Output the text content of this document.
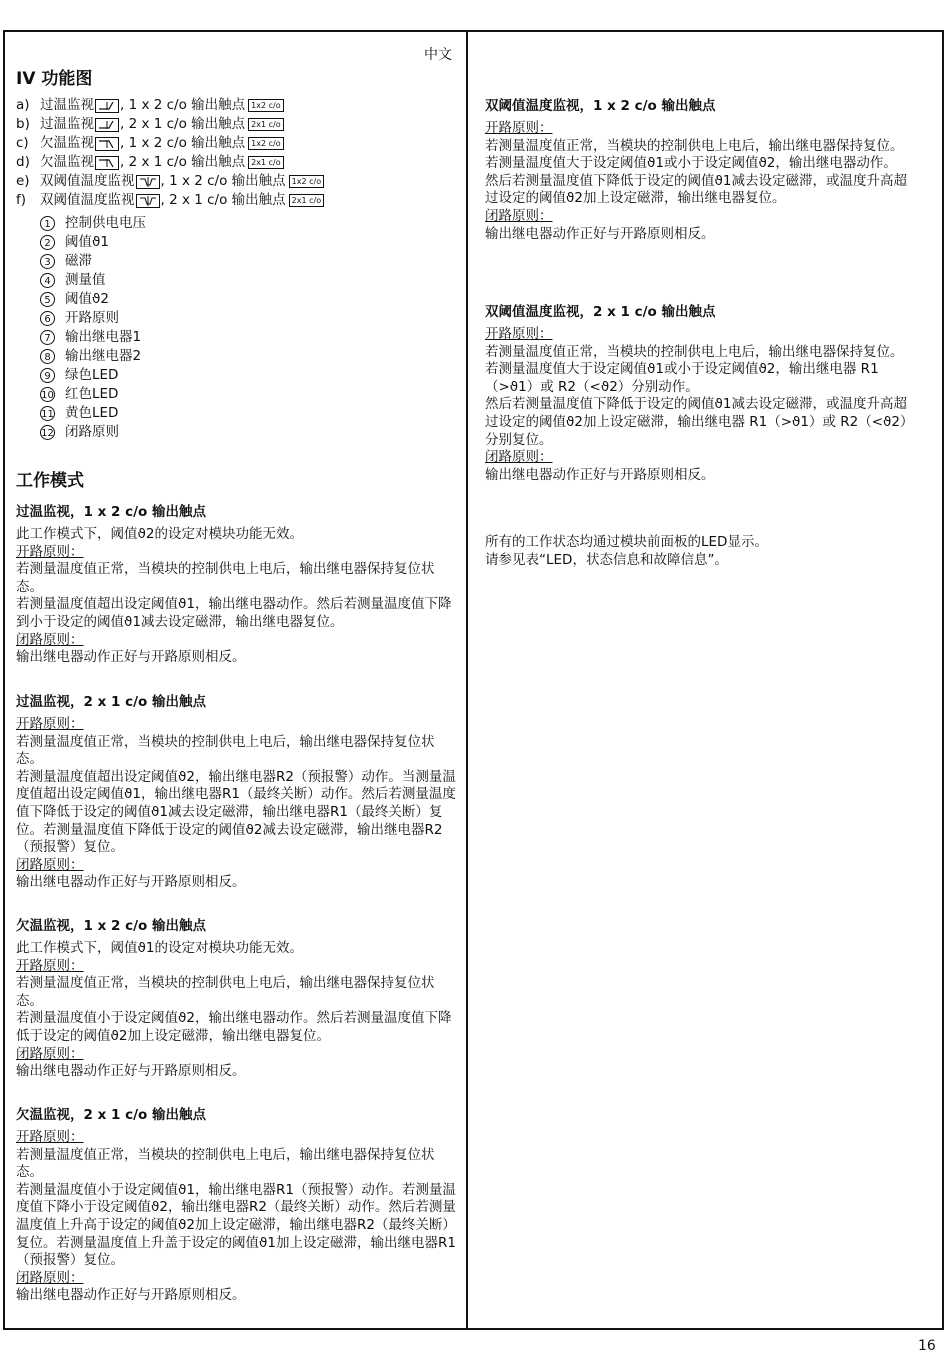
中文
16
IV 功能图
a) 过温监视 , 1 x 2 c/o 输出触点 1x2 c/o
b) 过温监视 , 2 x 1 c/o 输出触点 2x1 c/o
c) 欠温监视 , 1 x 2 c/o 输出触点 1x2 c/o
d) 欠温监视 , 2 x 1 c/o 输出触点 2x1 c/o
e) 双阈值温度监视 , 1 x 2 c/o 输出触点 1x2 c/o
f)	双阈值温度监视 , 2 x 1 c/o 输出触点 2x1 c/o
1	控制供电电压
2	阈值ϑ1
3	磁滞
4	测量值
5	阈值ϑ2
6	开路原则
7	输出继电器1
8	输出继电器2
9	绿色LED
10 红色LED
11 黄色LED
12 闭路原则
工作模式
过温监视，1 x 2 c/o 输出触点

此工作模式下，阈值ϑ2的设定对模块功能无效。

开路原则：

若测量温度值正常，当模块的控制供电上电后，输出继电器保持复位状态。

若测量温度值超出设定阈值ϑ1，输出继电器动作。然后若测量温度值下降到小于设定的阈值ϑ1减去设定磁滞，输出继电器复位。

闭路原则：

输出继电器动作正好与开路原则相反。

过温监视，2 x 1 c/o 输出触点

开路原则：

若测量温度值正常，当模块的控制供电上电后，输出继电器保持复位状态。

若测量温度值超出设定阈值ϑ2，输出继电器R2（预报警）动作。当测量温度值超出设定阈值ϑ1，输出继电器R1（最终关断）动作。然后若测量温度值下降低于设定的阈值ϑ1减去设定磁滞，输出继电器R1（最终关断）复位。若测量温度值下降低于设定的阈值ϑ2减去设定磁滞，输出继电器R2（预报警）复位。

闭路原则：

输出继电器动作正好与开路原则相反。

欠温监视，1 x 2 c/o 输出触点

此工作模式下，阈值ϑ1的设定对模块功能无效。

开路原则：

若测量温度值正常，当模块的控制供电上电后，输出继电器保持复位状态。

若测量温度值小于设定阈值ϑ2，输出继电器动作。然后若测量温度值下降低于设定的阈值ϑ2加上设定磁滞，输出继电器复位。

闭路原则：

输出继电器动作正好与开路原则相反。

欠温监视，2 x 1 c/o 输出触点

开路原则：

若测量温度值正常，当模块的控制供电上电后，输出继电器保持复位状态。

若测量温度值小于设定阈值ϑ1，输出继电器R1（预报警）动作。若测量温度值下降小于设定阈值ϑ2，输出继电器R2（最终关断）动作。然后若测量温度值上升高于设定的阈值ϑ2加上设定磁滞，输出继电器R2（最终关断）复位。若测量温度值上升盖于设定的阈值ϑ1加上设定磁滞，输出继电器R1（预报警）复位。

闭路原则：

输出继电器动作正好与开路原则相反。

双阈值温度监视，1 x 2 c/o 输出触点

开路原则：

若测量温度值正常，当模块的控制供电上电后，输出继电器保持复位。

若测量温度值大于设定阈值ϑ1或小于设定阈值ϑ2，输出继电器动作。

然后若测量温度值下降低于设定的阈值ϑ1减去设定磁滞，或温度升高超过设定的阈值ϑ2加上设定磁滞，输出继电器复位。

闭路原则：

输出继电器动作正好与开路原则相反。

双阈值温度监视，2 x 1 c/o 输出触点

开路原则：

若测量温度值正常，当模块的控制供电上电后，输出继电器保持复位。

若测量温度值大于设定阈值ϑ1或小于设定阈值ϑ2，输出继电器 R1（>ϑ1）或 R2（<ϑ2）分别动作。

然后若测量温度值下降低于设定的阈值ϑ1减去设定磁滞，或温度升高超过设定的阈值ϑ2加上设定磁滞，输出继电器 R1（>ϑ1）或 R2（<ϑ2）分别复位。

闭路原则：

输出继电器动作正好与开路原则相反。

所有的工作状态均通过模块前面板的LED显示。

请参见表“LED，状态信息和故障信息”。
